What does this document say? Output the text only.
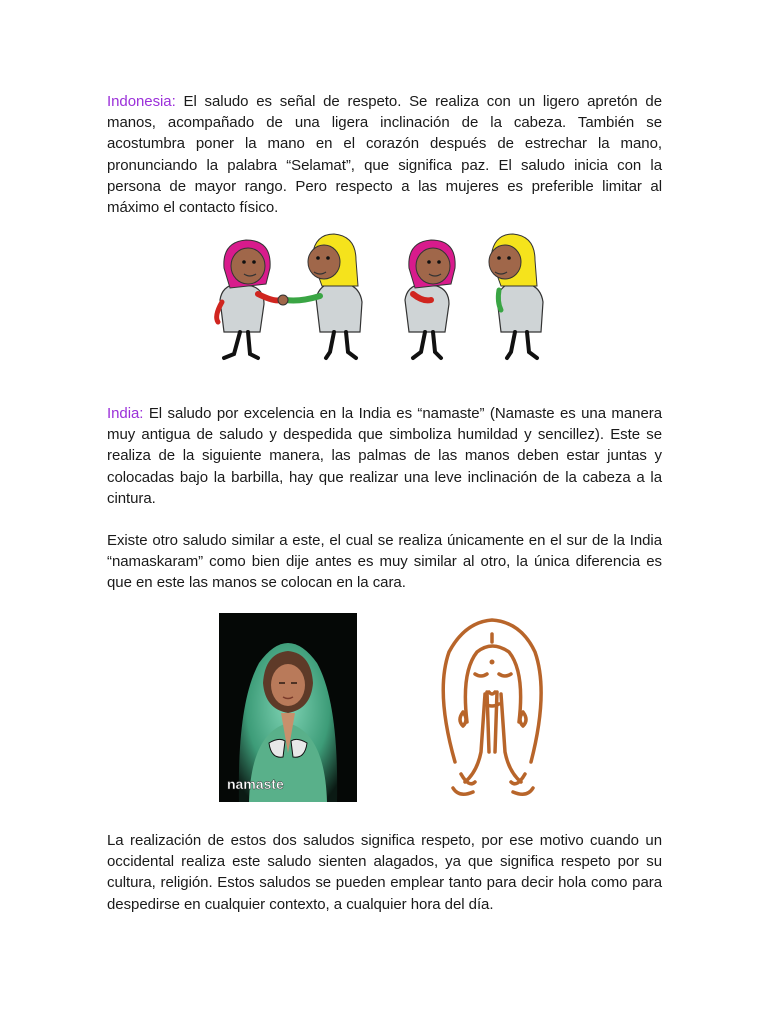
Indonesia: El saludo es señal de respeto. Se realiza con un ligero apretón de manos, acompañado de una ligera inclinación de la cabeza. También se acostumbra poner la mano en el corazón después de estrechar la mano, pronunciando la palabra “Selamat”, que significa paz. El saludo inicia con la persona de mayor rango. Pero respecto a las mujeres es preferible limitar al máximo el contacto físico.

India: El saludo por excelencia en la India es “namaste” (Namaste es una manera muy antigua de saludo y despedida que simboliza humildad y sencillez). Este se realiza de la siguiente manera, las palmas de las manos deben estar juntas y colocadas bajo la barbilla, hay que realizar una leve inclinación de la cabeza a la cintura.

Existe otro saludo similar a este, el cual se realiza únicamente en el sur de la India “namaskaram” como bien dije antes es muy similar al otro, la única diferencia es que en este las manos se colocan en la cara.

namaste

La realización de estos dos saludos significa respeto, por ese motivo cuando un occidental realiza este saludo sienten alagados, ya que significa respeto por su cultura, religión. Estos saludos se pueden emplear tanto para decir hola como para despedirse en cualquier contexto, a cualquier hora del día.
